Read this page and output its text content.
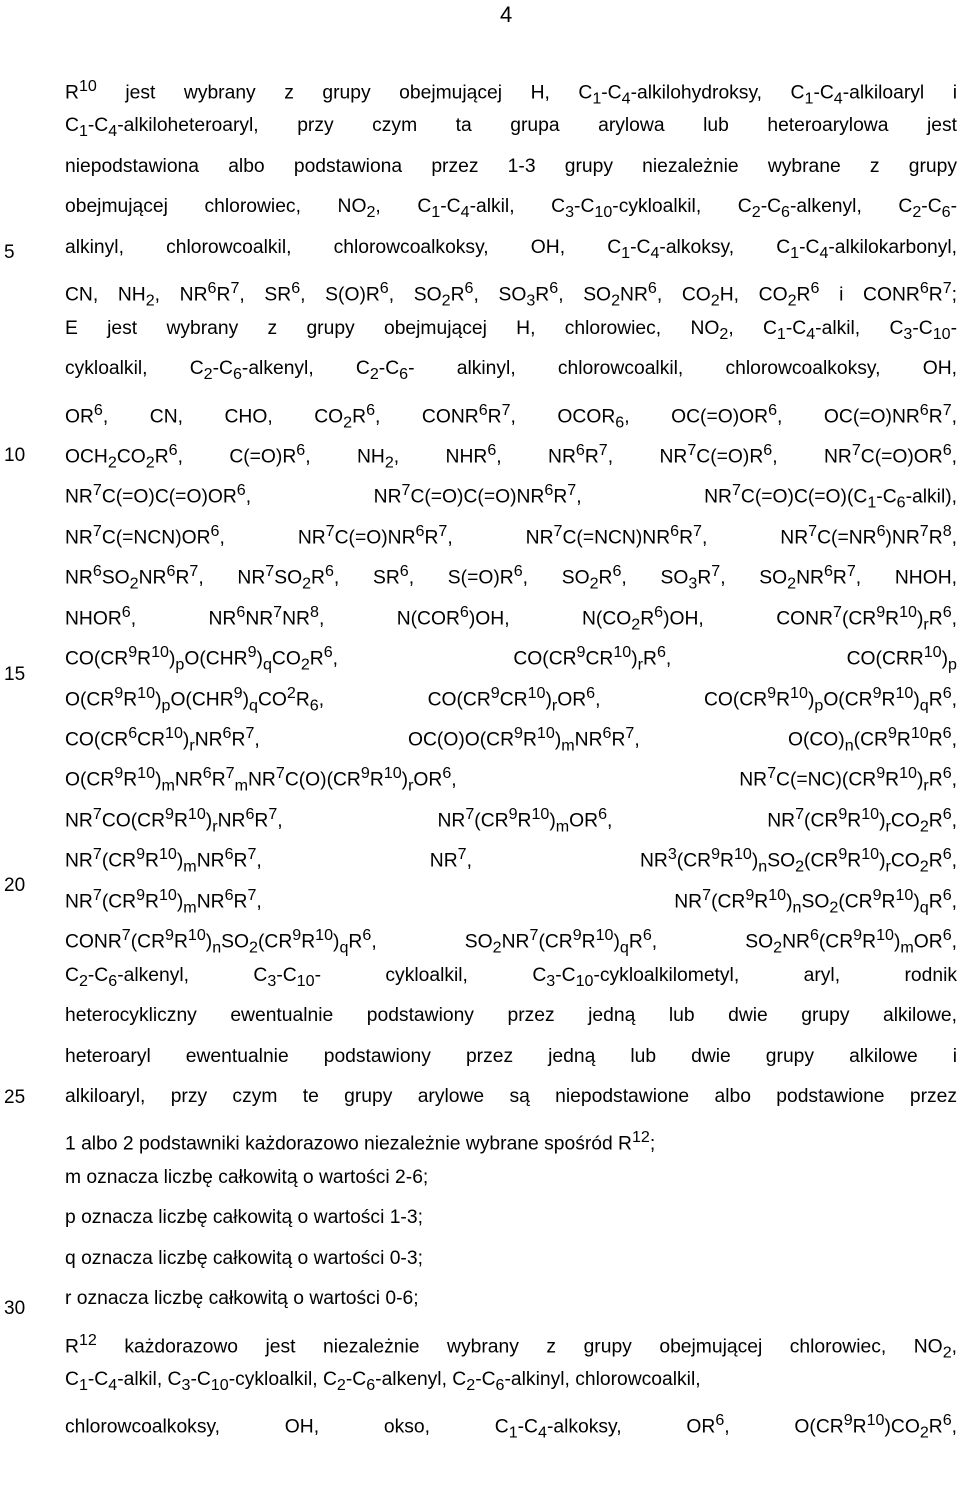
4
5
10
15
20
25
30
$R^{10}$ jest wybrany z grupy obejmującej H, $C_1-C_4$-alkilohydroksy, $C_1-C_4$-alkiloaryl i
$C_1-C_4$-alkiloheteroaryl, przy czym ta grupa arylowa lub heteroarylowa jest
niepodstawiona albo podstawiona przez 1-3 grupy niezależnie wybrane z grupy
obejmującej chlorowiec, $NO_2$, $C_1-C_4$-alkil, $C_3-C_{10}$-cykloalkil, $C_2-C_6$-alkenyl, $C_2-C_6-$
alkinyl, chlorowcoalkil, chlorowcoalkoksy, OH, $C_1-C_4$-alkoksy, $C_1-C_4$-alkilokarbonyl,
CN, $NH_2$, $NR^6R^7$, $SR^6$, $S(O)R^6$, $SO_2R^6$, $SO_3R^6$, $SO_2NR^6$, $CO_2H$, $CO_2R^6$ i $CONR^6R^7$;
E jest wybrany z grupy obejmującej H, chlorowiec, $NO_2$, $C_1-C_4$-alkil, $C_3-C_{10}-$
cykloalkil, $C_2-C_6$-alkenyl, $C_2-C_6-$ alkinyl, chlorowcoalkil, chlorowcoalkoksy, OH,
$OR^6$, CN, CHO, $CO_2R^6$, $CONR^6R^7$, $OCOR_6$, $OC(=O)OR^6$, $OC(=O)NR^6R^7$,
$OCH_2CO_2R^6$, $C(=O)R^6$, $NH_2$, NHR$^6$, $NR^6R^7$, $NR^7C(=O)R^6$, $NR^7C(=O)OR^6$,
$NR^7C(=O)C(=O)OR^6$, $NR^7C(=O)C(=O)NR^6R^7$, $NR^7C(=O)C(=O)(C_1-C_6-alkil)$,
$NR^7C(=NCN)OR^6$, $NR^7C(=O)NR^6R^7$, $NR^7C(=NCN)NR^6R^7$, $NR^7C(=NR^6)NR^7R^8$,
$NR^6SO_2NR^6R^7$, $NR^7SO_2R^6$, $SR^6$, $S(=O)R^6$, $SO_2R^6$, $SO_3R^7$, $SO_2NR^6R^7$, NHOH,
NHOR$^6$, $NR^6NR^7NR^8$, N(COR$^6$)OH, $N(CO_2R^6)OH$, $CONR^7(CR^9R^{10})_rR^6$,
$CO(CR^9R^{10})_pO(CHR^9)_qCO_2R^6$, $CO(CR^9CR^{10})_rR^6$, $CO(CRR^{10})_p$
$O(CR^9R^{10})_pO(CHR^9)_qCO^2R_6$, $CO(CR^9CR^{10})_rOR^6$, $CO(CR^9R^{10})_pO(CR^9R^{10})_qR^6$,
$CO(CR^6CR^{10})_rNR^6R^7$, $OC(O)O(CR^9R^{10})_mNR^6R^7$, $O(CO)_n(CR^9R^{10}R^6$,
$O(CR^9R^{10})_mNR^6R^7_mNR^7C(O)(CR^9R^{10})_rOR^6$, $NR^7C(=NC)(CR^9R^{10})_rR^6$,
$NR^7CO(CR^9R^{10})_rNR^6R^7$, $NR^7(CR^9R^{10})_mOR^6$, $NR^7(CR^9R^{10})_rCO_2R^6$,
$NR^7(CR^9R^{10})_mNR^6R^7$, $NR^7$, $NR^3(CR^9R^{10})_nSO_2(CR^9R^{10})_rCO_2R^6$,
$NR^7(CR^9R^{10})_mNR^6R^7$, $NR^7(CR^9R^{10})_nSO_2(CR^9R^{10})_qR^6$,
$CONR^7(CR^9R^{10})_nSO_2(CR^9R^{10})_qR^6$, $SO_2NR^7(CR^9R^{10})_qR^6$, $SO_2NR^6(CR^9R^{10})_mOR^6$,
$C_2-C_6$-alkenyl, $C_3-C_{10}-$ cykloalkil, $C_3-C_{10}$-cykloalkilometyl, aryl, rodnik
heterocykliczny ewentualnie podstawiony przez jedną lub dwie grupy alkilowe,
heteroaryl ewentualnie podstawiony przez jedną lub dwie grupy alkilowe i
alkiloaryl, przy czym te grupy arylowe są niepodstawione albo podstawione przez
1 albo 2 podstawniki każdorazowo niezależnie wybrane spośród $R^{12}$;
m oznacza liczbę całkowitą o wartości 2-6;
p oznacza liczbę całkowitą o wartości 1-3;
q oznacza liczbę całkowitą o wartości 0-3;
r oznacza liczbę całkowitą o wartości 0-6;
$R^{12}$ każdorazowo jest niezależnie wybrany z grupy obejmującej chlorowiec, $NO_2$,
$C_1-C_4$-alkil, $C_3-C_{10}$-cykloalkil, $C_2-C_6$-alkenyl, $C_2-C_6$-alkinyl, chlorowcoalkil,
chlorowcoalkoksy, OH, okso, $C_1-C_4$-alkoksy, $OR^6$, $O(CR^9R^{10})CO_2R^6$,
